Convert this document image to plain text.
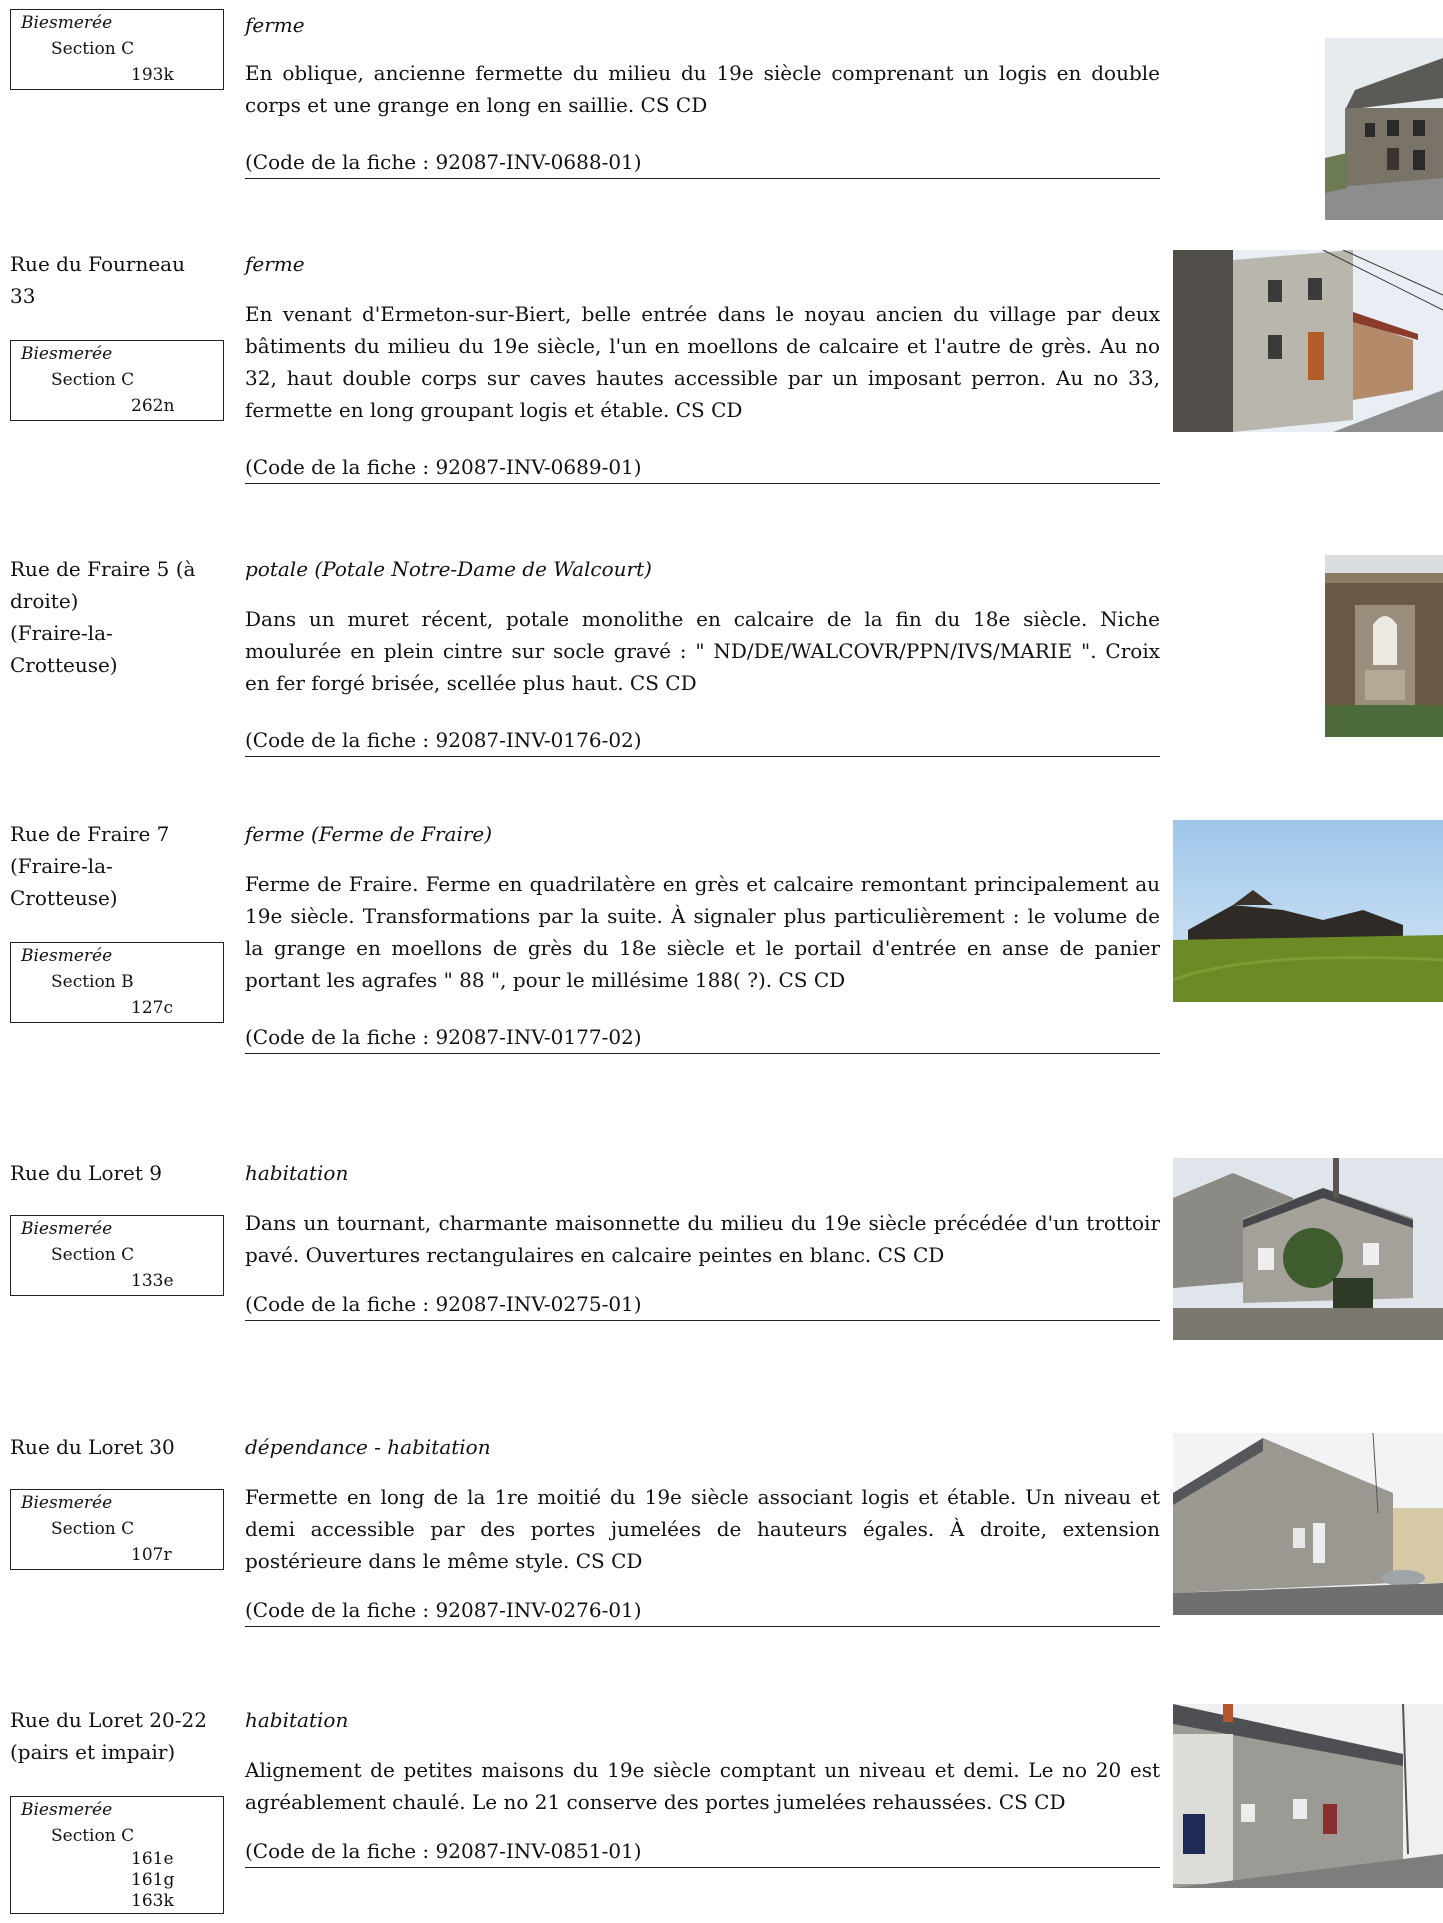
Biesmerée
Section C
193k

ferme

En oblique, ancienne fermette du milieu du 19e siècle comprenant un logis en double corps et une grange en long en saillie. CS CD

(Code de la fiche : 92087-INV-0688-01)

Rue du Fourneau
33
Biesmerée
Section C
262n

ferme

En venant d'Ermeton-sur-Biert, belle entrée dans le noyau ancien du village par deux bâtiments du milieu du 19e siècle, l'un en moellons de calcaire et l'autre de grès. Au no 32, haut double corps sur caves hautes accessible par un imposant perron. Au no 33, fermette en long groupant logis et étable. CS CD

(Code de la fiche : 92087-INV-0689-01)

Rue de Fraire 5 (à
droite)
(Fraire-la-
Crotteuse)

potale (Potale Notre-Dame de Walcourt)

Dans un muret récent, potale monolithe en calcaire de la fin du 18e siècle. Niche moulurée en plein cintre sur socle gravé : " ND/DE/WALCOVR/PPN/IVS/MARIE ". Croix en fer forgé brisée, scellée plus haut. CS CD

(Code de la fiche : 92087-INV-0176-02)

Rue de Fraire 7
(Fraire-la-
Crotteuse)
Biesmerée
Section B
127c

ferme (Ferme de Fraire)

Ferme de Fraire. Ferme en quadrilatère en grès et calcaire remontant principalement au 19e siècle. Transformations par la suite. À signaler plus particulièrement : le volume de la grange en moellons de grès du 18e siècle et le portail d'entrée en anse de panier portant les agrafes " 88 ", pour le millésime 188( ?). CS CD

(Code de la fiche : 92087-INV-0177-02)

Rue du Loret 9
Biesmerée
Section C
133e

habitation

Dans un tournant, charmante maisonnette du milieu du 19e siècle précédée d'un trottoir pavé. Ouvertures rectangulaires en calcaire peintes en blanc. CS CD

(Code de la fiche : 92087-INV-0275-01)

Rue du Loret 30
Biesmerée
Section C
107r

dépendance - habitation

Fermette en long de la 1re moitié du 19e siècle associant logis et étable. Un niveau et demi accessible par des portes jumelées de hauteurs égales. À droite, extension postérieure dans le même style. CS CD

(Code de la fiche : 92087-INV-0276-01)

Rue du Loret 20-22
(pairs et impair)
Biesmerée
Section C
161e
161g
163k

habitation

Alignement de petites maisons du 19e siècle comptant un niveau et demi. Le no 20 est agréablement chaulé. Le no 21 conserve des portes jumelées rehaussées. CS CD

(Code de la fiche : 92087-INV-0851-01)
